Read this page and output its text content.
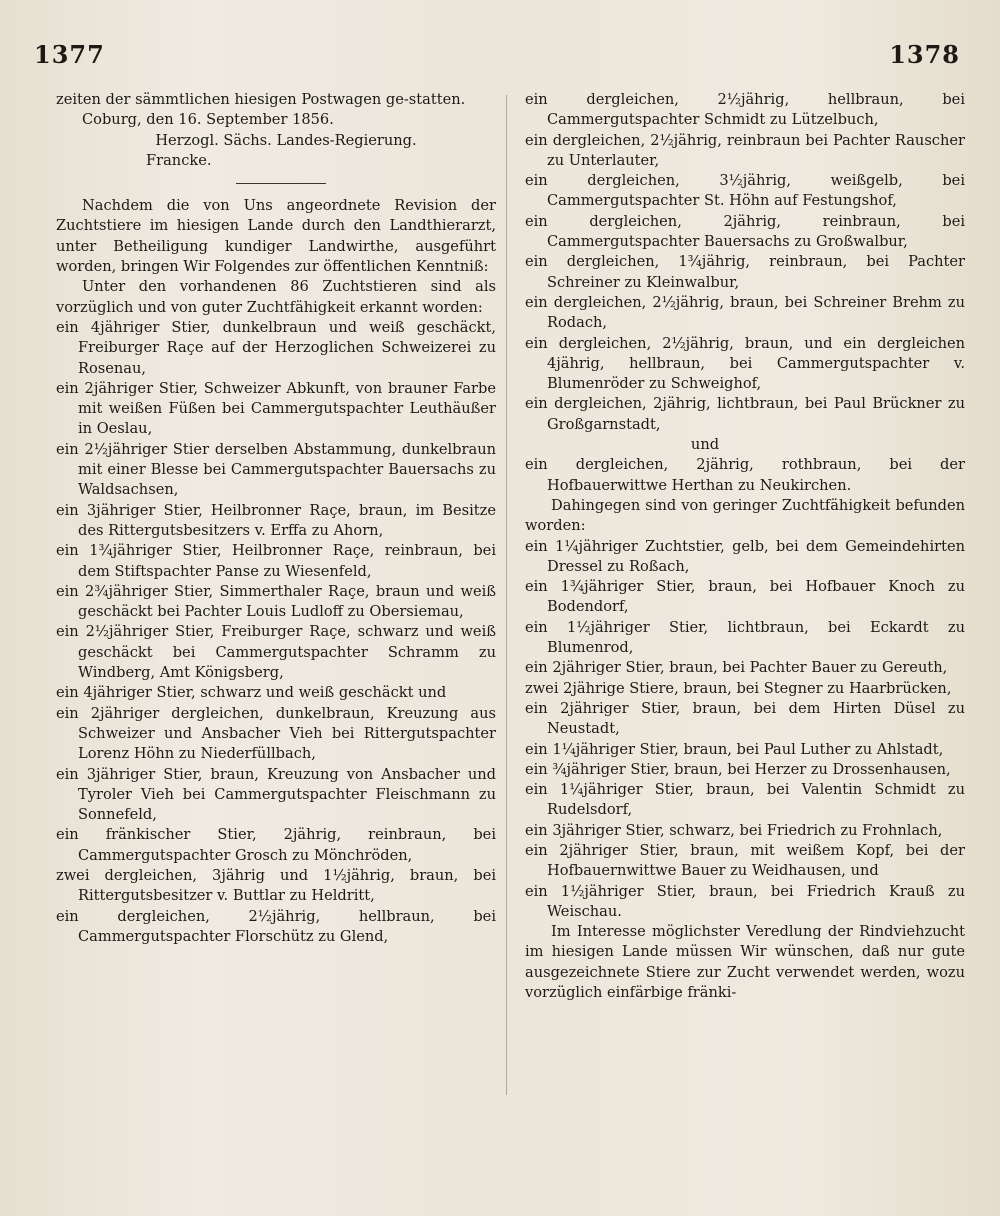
1377	1378

zeiten der sämmtlichen hiesigen Postwagen ge-statten.

Coburg, den 16. September 1856.

Herzogl. Sächs. Landes-Regierung.

Francke.

Nachdem die von Uns angeordnete Revision der Zuchtstiere im hiesigen Lande durch den Landthierarzt, unter Betheiligung kundiger Landwirthe, ausgeführt worden, bringen Wir Folgendes zur öffentlichen Kenntniß:

Unter den vorhandenen 86 Zuchtstieren sind als vorzüglich und von guter Zuchtfähigkeit erkannt worden:

ein 4jähriger Stier, dunkelbraun und weiß geschäckt, Freiburger Raçe auf der Herzoglichen Schweizerei zu Rosenau,

ein 2jähriger Stier, Schweizer Abkunft, von brauner Farbe mit weißen Füßen bei Cammergutspachter Leuthäußer in Oeslau,

ein 2½jähriger Stier derselben Abstammung, dunkelbraun mit einer Blesse bei Cammergutspachter Bauersachs zu Waldsachsen,

ein 3jähriger Stier, Heilbronner Raçe, braun, im Besitze des Rittergutsbesitzers v. Erffa zu Ahorn,

ein 1¾jähriger Stier, Heilbronner Raçe, reinbraun, bei dem Stiftspachter Panse zu Wiesenfeld,

ein 2¾jähriger Stier, Simmerthaler Raçe, braun und weiß geschäckt bei Pachter Louis Ludloff zu Obersiemau,

ein 2½jähriger Stier, Freiburger Raçe, schwarz und weiß geschäckt bei Cammergutspachter Schramm zu Windberg, Amt Königsberg,

ein 4jähriger Stier, schwarz und weiß geschäckt und

ein 2jähriger dergleichen, dunkelbraun, Kreuzung aus Schweizer und Ansbacher Vieh bei Rittergutspachter Lorenz Höhn zu Niederfüllbach,

ein 3jähriger Stier, braun, Kreuzung von Ansbacher und Tyroler Vieh bei Cammergutspachter Fleischmann zu Sonnefeld,

ein fränkischer Stier, 2jährig, reinbraun, bei Cammergutspachter Grosch zu Mönchröden,

zwei dergleichen, 3jährig und 1½jährig, braun, bei Rittergutsbesitzer v. Buttlar zu Heldritt,

ein dergleichen, 2½jährig, hellbraun, bei Cammergutspachter Florschütz zu Glend,

ein dergleichen, 2½jährig, hellbraun, bei Cammergutspachter Schmidt zu Lützelbuch,

ein dergleichen, 2½jährig, reinbraun bei Pachter Rauscher zu Unterlauter,

ein dergleichen, 3½jährig, weißgelb, bei Cammergutspachter St. Höhn auf Festungshof,

ein dergleichen, 2jährig, reinbraun, bei Cammergutspachter Bauersachs zu Großwalbur,

ein dergleichen, 1¾jährig, reinbraun, bei Pachter Schreiner zu Kleinwalbur,

ein dergleichen, 2½jährig, braun, bei Schreiner Brehm zu Rodach,

ein dergleichen, 2½jährig, braun, und ein dergleichen 4jährig, hellbraun, bei Cammergutspachter v. Blumenröder zu Schweighof,

ein dergleichen, 2jährig, lichtbraun, bei Paul Brückner zu Großgarnstadt,

und

ein dergleichen, 2jährig, rothbraun, bei der Hofbauerwittwe Herthan zu Neukirchen.

Dahingegen sind von geringer Zuchtfähigkeit befunden worden:

ein 1¼jähriger Zuchtstier, gelb, bei dem Gemeindehirten Dressel zu Roßach,

ein 1¾jähriger Stier, braun, bei Hofbauer Knoch zu Bodendorf,

ein 1½jähriger Stier, lichtbraun, bei Eckardt zu Blumenrod,

ein 2jähriger Stier, braun, bei Pachter Bauer zu Gereuth,

zwei 2jährige Stiere, braun, bei Stegner zu Haarbrücken,

ein 2jähriger Stier, braun, bei dem Hirten Düsel zu Neustadt,

ein 1¼jähriger Stier, braun, bei Paul Luther zu Ahlstadt,

ein ¾jähriger Stier, braun, bei Herzer zu Drossenhausen,

ein 1¼jähriger Stier, braun, bei Valentin Schmidt zu Rudelsdorf,

ein 3jähriger Stier, schwarz, bei Friedrich zu Frohnlach,

ein 2jähriger Stier, braun, mit weißem Kopf, bei der Hofbauernwittwe Bauer zu Weidhausen, und

ein 1½jähriger Stier, braun, bei Friedrich Krauß zu Weischau.

Im Interesse möglichster Veredlung der Rindviehzucht im hiesigen Lande müssen Wir wünschen, daß nur gute ausgezeichnete Stiere zur Zucht verwendet werden, wozu vorzüglich einfärbige fränki-
